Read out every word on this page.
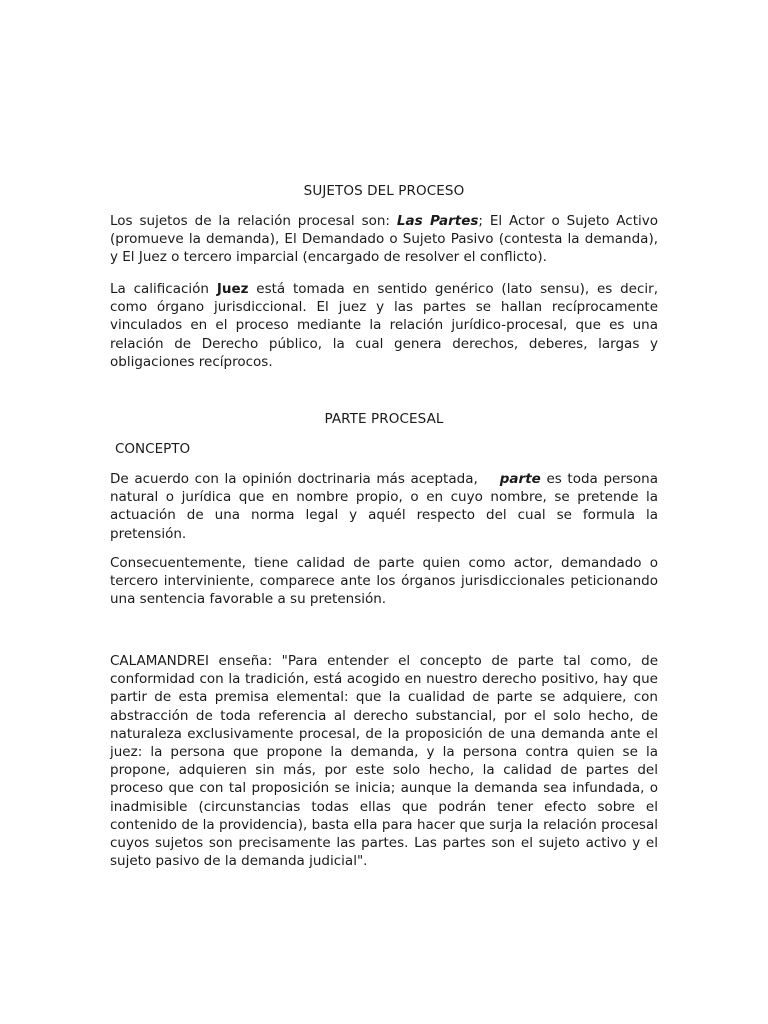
SUJETOS DEL PROCESO
Los sujetos de la relación procesal son: Las Partes; El Actor o Sujeto Activo (promueve la demanda), El Demandado o Sujeto Pasivo (contesta la demanda), y El Juez o tercero imparcial (encargado de resolver el conflicto).
La calificación Juez está tomada en sentido genérico (lato sensu), es decir, como órgano jurisdiccional. El juez y las partes se hallan recíprocamente vinculados en el proceso mediante la relación jurídico-procesal, que es una relación de Derecho público, la cual genera derechos, deberes, largas y obligaciones recíprocos.
PARTE PROCESAL
CONCEPTO
De acuerdo con la opinión doctrinaria más aceptada, parte es toda persona natural o jurídica que en nombre propio, o en cuyo nombre, se pretende la actuación de una norma legal y aquél respecto del cual se formula la pretensión.
Consecuentemente, tiene calidad de parte quien como actor, demandado o tercero interviniente, comparece ante los órganos jurisdiccionales peticionando una sentencia favorable a su pretensión.
CALAMANDREI enseña: "Para entender el concepto de parte tal como, de conformidad con la tradición, está acogido en nuestro derecho positivo, hay que partir de esta premisa elemental: que la cualidad de parte se adquiere, con abstracción de toda referencia al derecho substancial, por el solo hecho, de naturaleza exclusivamente procesal, de la proposición de una demanda ante el juez: la persona que propone la demanda, y la persona contra quien se la propone, adquieren sin más, por este solo hecho, la calidad de partes del proceso que con tal proposición se inicia; aunque la demanda sea infundada, o inadmisible (circunstancias todas ellas que podrán tener efecto sobre el contenido de la providencia), basta ella para hacer que surja la relación procesal cuyos sujetos son precisamente las partes. Las partes son el sujeto activo y el sujeto pasivo de la demanda judicial".
